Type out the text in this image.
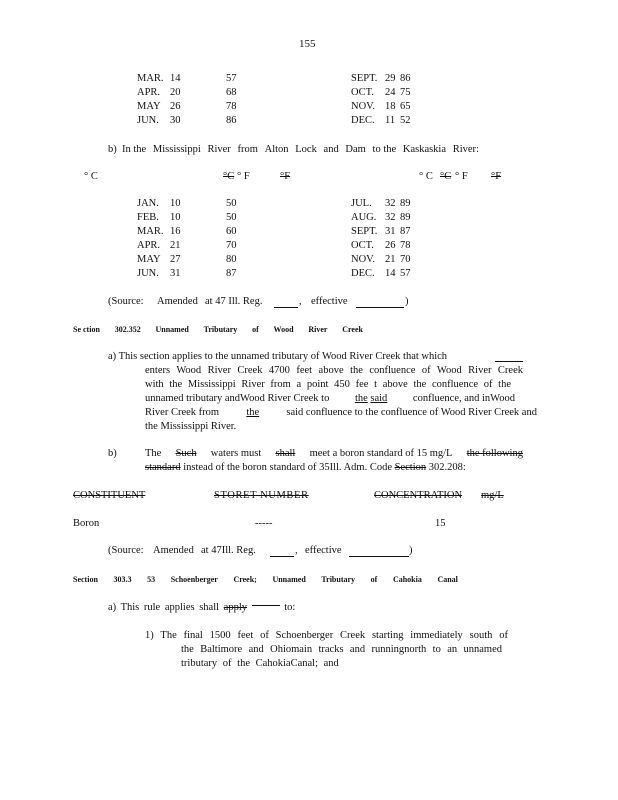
155
MAR. 14	57
APR. 20	68
MAY 26	78
JUN. 30	86
SEPT. 29 86
OCT. 24 75
NOV. 18 65
DEC. 11 52
b) In the Mississippi River from Alton Lock and Dam to the Kaskaskia River:
° C	°C ° F	°F	° C °C ° F °F
JAN. 10	50
FEB. 10	50
MAR. 16	60
APR. 21	70
MAY 27	80
JUN. 31	87
JUL. 32 89
AUG. 32 89
SEPT. 31 87
OCT. 26 78
NOV. 21 70
DEC. 14 57
(Source: Amended at 47 Ill. Reg.	, effective	)
Se ction 302.352 Unnamed Tributary of Wood River Creek
a) This section applies to the unnamed tributary of Wood River Creek that which
enters Wood River Creek 4700 feet above the confluence of Wood River Creek
with the Mississippi River from a point 450 fee t above the confluence of the
unnamed tributary andWood River Creek to the said confluence, and inWood
River Creek from	the	said confluence to the confluence of Wood River Creek and
the Mississippi River.
b)	The Such waters must shall meet a boron standard of 15 mg/L the following
standard instead of the boron standard of 35Ill. Adm. Code Section 302.208:
CONSTITUENT	STORET NUMBER	CONCENTRATION mg/L
Boron	-----	15
(Source: Amended at 47Ill. Reg.	, effective	)
Section 303.3 53 Schoenberger Creek; Unnamed Tributary of Cahokia Canal
a) This rule applies shall apply	to:
1) The final 1500 feet of Schoenberger Creek starting immediately south of
the Baltimore and Ohiomain tracks and runningnorth to an unnamed
tributary of the CahokiaCanal; and
